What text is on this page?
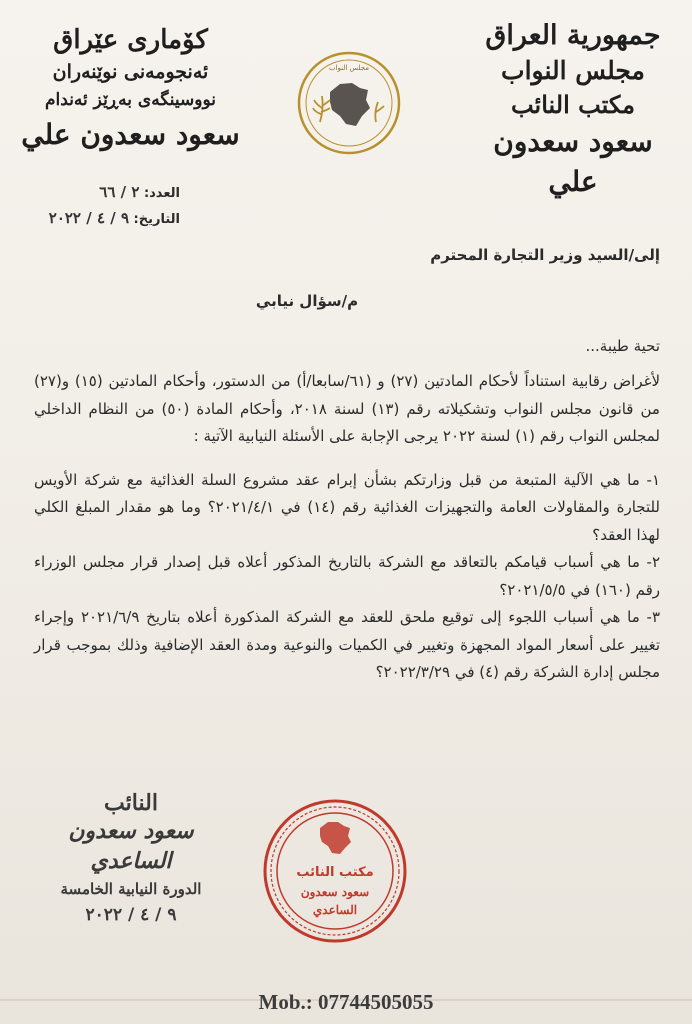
جمهورية العراق
مجلس النواب
مكتب النائب
سعود سعدون علي
كۆماری عێراق
ئەنجومەنی نوێنەران
نووسینگەی بەڕێز ئەندام
سعود سعدون علي
مجلس النواب
العدد: ٢ / ٦٦
التاريخ: ٩ / ٤ / ٢٠٢٢
إلى/السيد وزير التجارة المحترم
م/سؤال نيابي
تحية طيبة...
لأغراض رقابية استناداً لأحكام المادتين (٢٧) و (٦١/سابعا/أ) من الدستور، وأحكام المادتين (١٥) و(٢٧) من قانون مجلس النواب وتشكيلاته رقم (١٣) لسنة ٢٠١٨، وأحكام المادة (٥٠) من النظام الداخلي لمجلس النواب رقم (١) لسنة ٢٠٢٢ يرجى الإجابة على الأسئلة النيابية الآتية :
١- ما هي الآلية المتبعة من قبل وزارتكم بشأن إبرام عقد مشروع السلة الغذائية مع شركة الأويس للتجارة والمقاولات العامة والتجهيزات الغذائية رقم (١٤) في ٢٠٢١/٤/١؟ وما هو مقدار المبلغ الكلي لهذا العقد؟
٢- ما هي أسباب قيامكم بالتعاقد مع الشركة بالتاريخ المذكور أعلاه قبل إصدار قرار مجلس الوزراء رقم (١٦٠) في ٢٠٢١/٥/٥؟
٣- ما هي أسباب اللجوء إلى توقيع ملحق للعقد مع الشركة المذكورة أعلاه بتاريخ ٢٠٢١/٦/٩ وإجراء تغيير على أسعار المواد المجهزة وتغيير في الكميات والنوعية ومدة العقد الإضافية وذلك بموجب قرار مجلس إدارة الشركة رقم (٤) في ٢٠٢٢/٣/٢٩؟
النائب
سعود سعدون الساعدي
الدورة النيابية الخامسة
٩ / ٤ / ٢٠٢٢
مكتب النائب
سعود سعدون
الساعدي
Mob.: 07744505055
